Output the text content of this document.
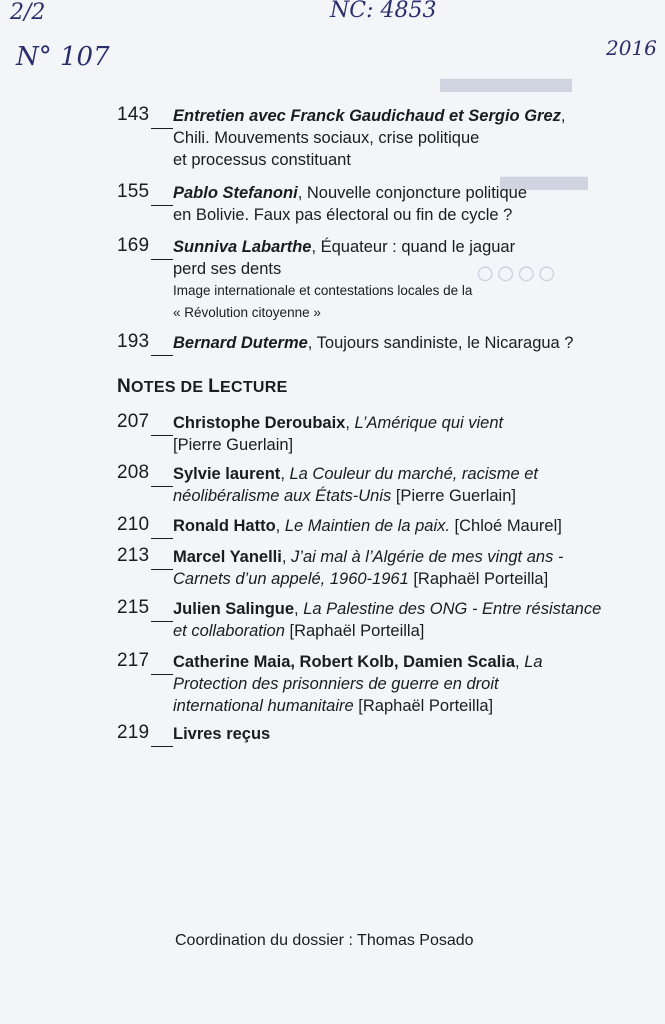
2/2	NC: 4853
N° 107	2016
▬▬▬
▬▬
○○○○
143 Entretien avec Franck Gaudichaud et Sergio Grez,
Chili. Mouvements sociaux, crise politique
et processus constituant
155 Pablo Stefanoni, Nouvelle conjoncture politique
en Bolivie. Faux pas électoral ou fin de cycle ?
169 Sunniva Labarthe, Équateur : quand le jaguar
perd ses dents
Image internationale et contestations locales de la
« Révolution citoyenne »
193 Bernard Duterme, Toujours sandiniste, le Nicaragua ?
NOTES DE LECTURE
207 Christophe Deroubaix, L’Amérique qui vient
[Pierre Guerlain]
208 Sylvie laurent, La Couleur du marché, racisme et
néolibéralisme aux États-Unis [Pierre Guerlain]
210 Ronald Hatto, Le Maintien de la paix. [Chloé Maurel]
213 Marcel Yanelli, J’ai mal à l’Algérie de mes vingt ans -
Carnets d’un appelé, 1960-1961 [Raphaël Porteilla]
215 Julien Salingue, La Palestine des ONG - Entre résistance
et collaboration [Raphaël Porteilla]
217 Catherine Maia, Robert Kolb, Damien Scalia, La
Protection des prisonniers de guerre en droit
international humanitaire [Raphaël Porteilla]
219 Livres reçus
Coordination du dossier : Thomas Posado
